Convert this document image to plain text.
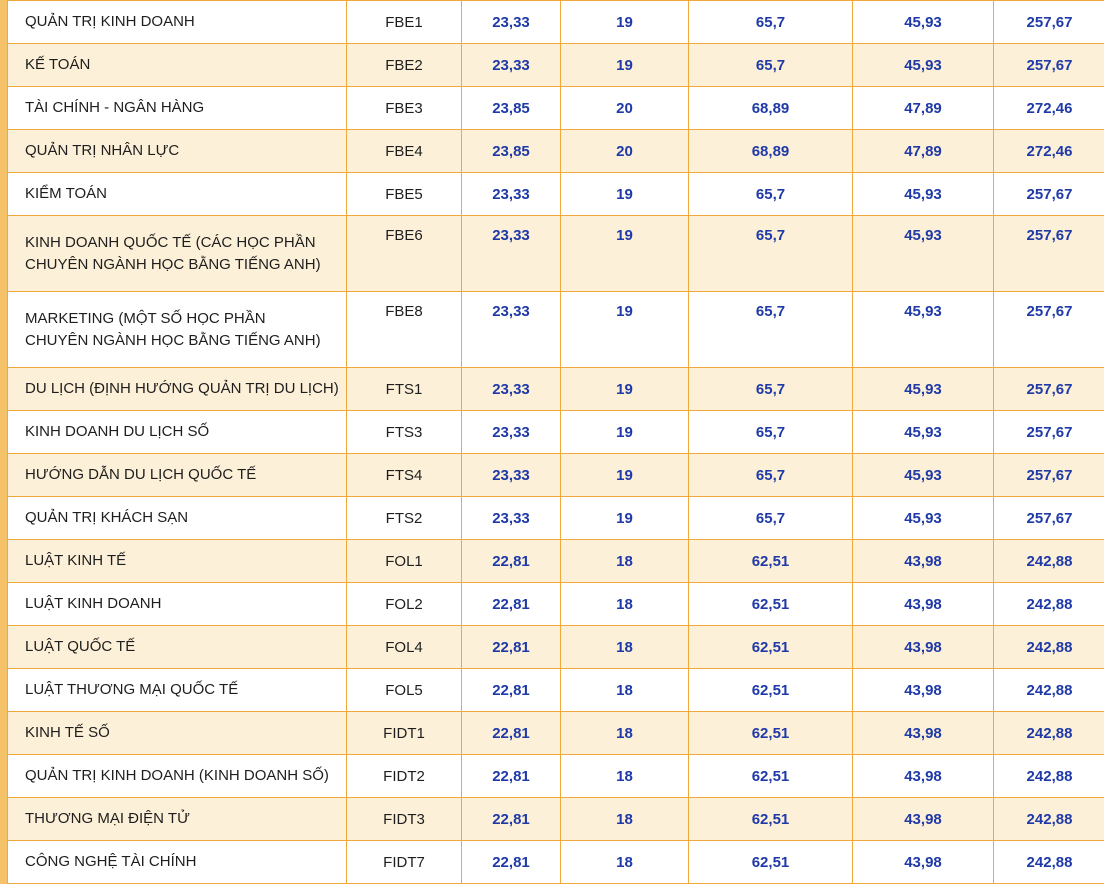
QUẢN TRỊ KINH DOANH	FBE1	23,33	19	65,7	45,93	257,67
KẾ TOÁN	FBE2	23,33	19	65,7	45,93	257,67
TÀI CHÍNH - NGÂN HÀNG	FBE3	23,85	20	68,89	47,89	272,46
QUẢN TRỊ NHÂN LỰC	FBE4	23,85	20	68,89	47,89	272,46
KIỂM TOÁN	FBE5	23,33	19	65,7	45,93	257,67
KINH DOANH QUỐC TẾ (CÁC HỌC PHẦN
CHUYÊN NGÀNH HỌC BẰNG TIẾNG ANH)	FBE6	23,33	19	65,7	45,93	257,67
MARKETING (MỘT SỐ HỌC PHẦN
CHUYÊN NGÀNH HỌC BẰNG TIẾNG ANH)	FBE8	23,33	19	65,7	45,93	257,67
DU LỊCH (ĐỊNH HƯỚNG QUẢN TRỊ DU LỊCH)	FTS1	23,33	19	65,7	45,93	257,67
KINH DOANH DU LỊCH SỐ	FTS3	23,33	19	65,7	45,93	257,67
HƯỚNG DẪN DU LỊCH QUỐC TẾ	FTS4	23,33	19	65,7	45,93	257,67
QUẢN TRỊ KHÁCH SẠN	FTS2	23,33	19	65,7	45,93	257,67
LUẬT KINH TẾ	FOL1	22,81	18	62,51	43,98	242,88
LUẬT KINH DOANH	FOL2	22,81	18	62,51	43,98	242,88
LUẬT QUỐC TẾ	FOL4	22,81	18	62,51	43,98	242,88
LUẬT THƯƠNG MẠI QUỐC TẾ	FOL5	22,81	18	62,51	43,98	242,88
KINH TẾ SỐ	FIDT1	22,81	18	62,51	43,98	242,88
QUẢN TRỊ KINH DOANH (KINH DOANH SỐ)	FIDT2	22,81	18	62,51	43,98	242,88
THƯƠNG MẠI ĐIỆN TỬ	FIDT3	22,81	18	62,51	43,98	242,88
CÔNG NGHỆ TÀI CHÍNH	FIDT7	22,81	18	62,51	43,98	242,88
